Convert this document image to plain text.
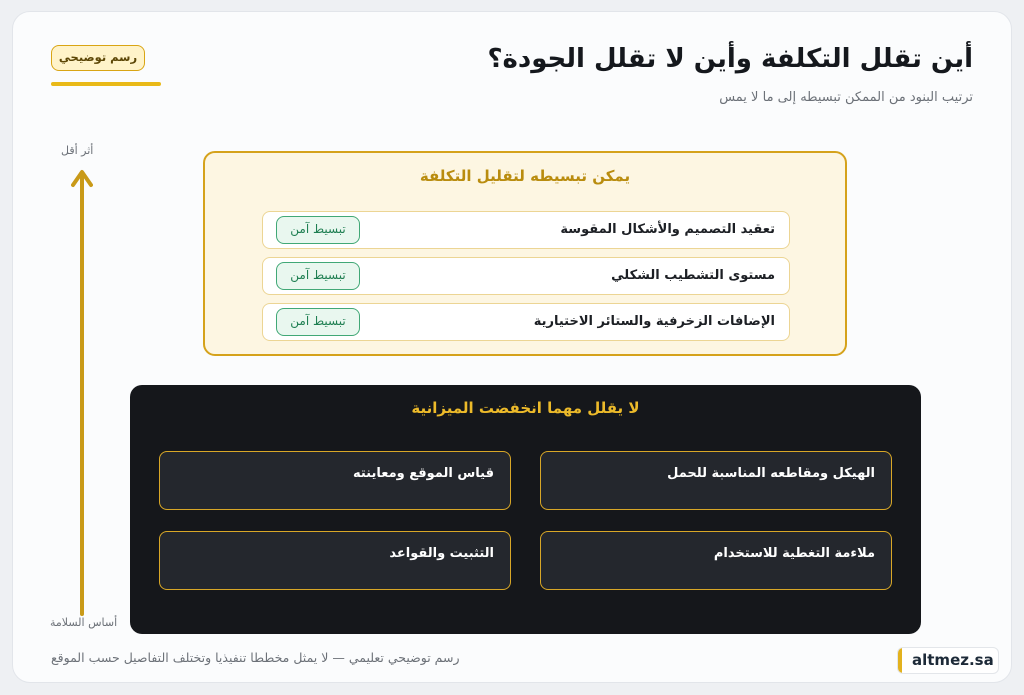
أين تقلل التكلفة وأين لا تقلل الجودة؟

ترتيب البنود من الممكن تبسيطه إلى ما لا يمس

رسم توضيحي
أثر أقل
أساس السلامة
يمكن تبسيطه لتقليل التكلفة
تعقيد التصميم والأشكال المقوسة
تبسيط آمن
مستوى التشطيب الشكلي
تبسيط آمن
الإضافات الزخرفية والستائر الاختيارية
تبسيط آمن
لا يقلل مهما انخفضت الميزانية
الهيكل ومقاطعه المناسبة للحمل
قياس الموقع ومعاينته
ملاءمة التغطية للاستخدام
التثبيت والقواعد
رسم توضيحي تعليمي — لا يمثل مخططا تنفيذيا وتختلف التفاصيل حسب الموقع	altmez.sa
